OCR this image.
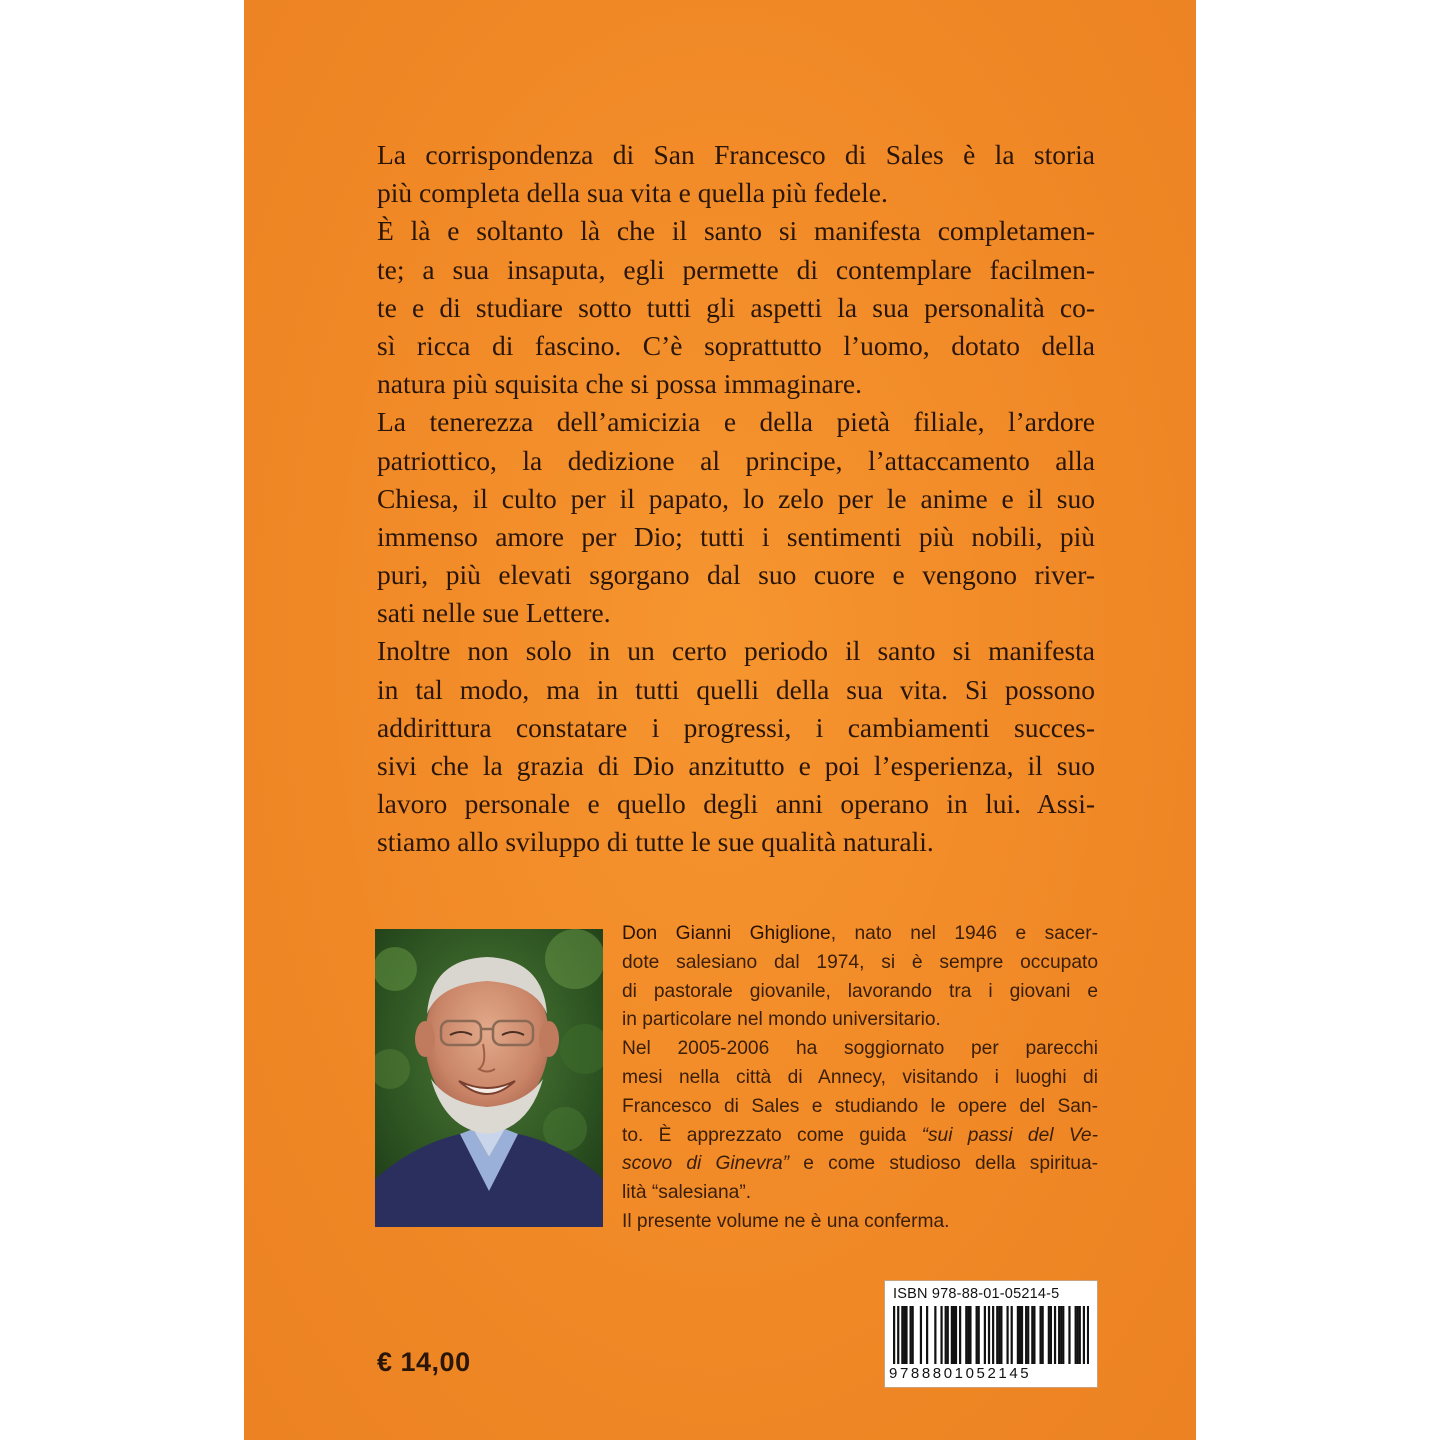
La corrispondenza di San Francesco di Sales è la storia
più completa della sua vita e quella più fedele.
È là e soltanto là che il santo si manifesta completamen-
te; a sua insaputa, egli permette di contemplare facilmen-
te e di studiare sotto tutti gli aspetti la sua personalità co-
sì ricca di fascino. C’è soprattutto l’uomo, dotato della
natura più squisita che si possa immaginare.
La tenerezza dell’amicizia e della pietà filiale, l’ardore
patriottico, la dedizione al principe, l’attaccamento alla
Chiesa, il culto per il papato, lo zelo per le anime e il suo
immenso amore per Dio; tutti i sentimenti più nobili, più
puri, più elevati sgorgano dal suo cuore e vengono river-
sati nelle sue Lettere.
Inoltre non solo in un certo periodo il santo si manifesta
in tal modo, ma in tutti quelli della sua vita. Si possono
addirittura constatare i progressi, i cambiamenti succes-
sivi che la grazia di Dio anzitutto e poi l’esperienza, il suo
lavoro personale e quello degli anni operano in lui. Assi-
stiamo allo sviluppo di tutte le sue qualità naturali.
Don Gianni Ghiglione, nato nel 1946 e sacer-
dote salesiano dal 1974, si è sempre occupato
di pastorale giovanile, lavorando tra i giovani e
in particolare nel mondo universitario.
Nel 2005-2006 ha soggiornato per parecchi
mesi nella città di Annecy, visitando i luoghi di
Francesco di Sales e studiando le opere del San-
to. È apprezzato come guida “sui passi del Ve-
scovo di Ginevra” e come studioso della spiritua-
lità “salesiana”.
Il presente volume ne è una conferma.
ISBN 978-88-01-05214-5
9788801052145
€ 14,00
